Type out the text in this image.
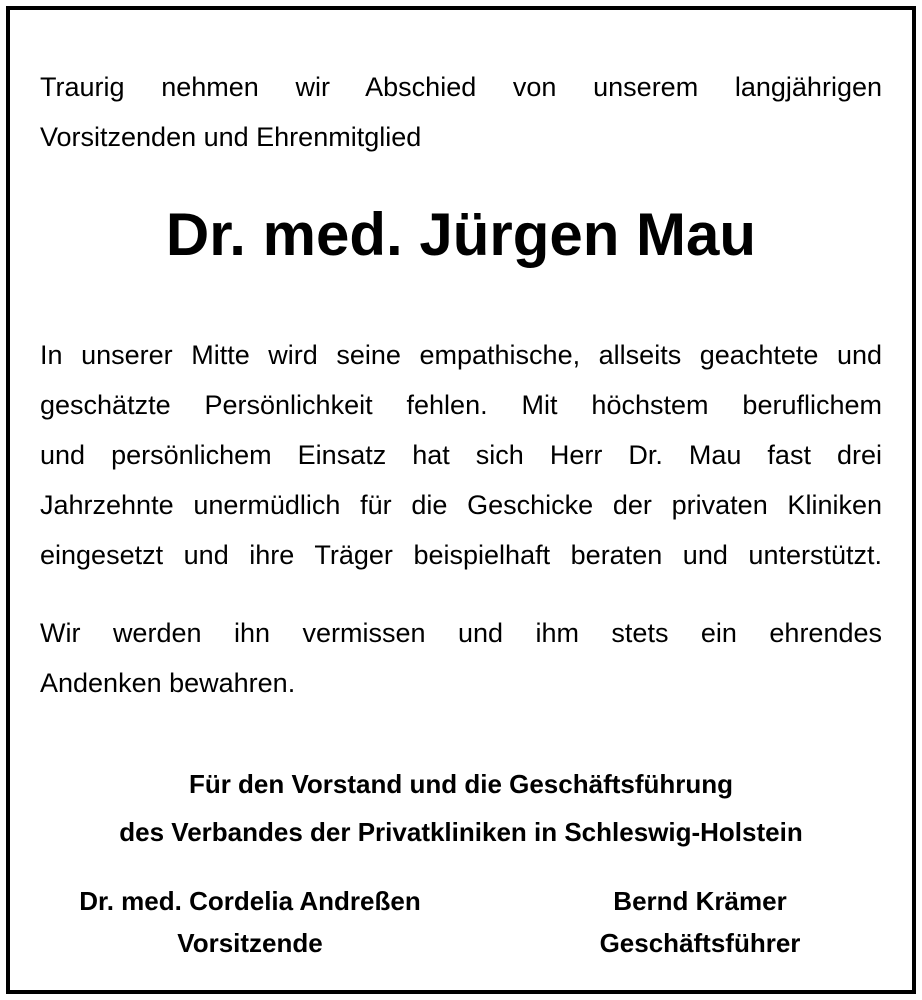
Traurig nehmen wir Abschied von unserem langjährigen
Vorsitzenden und Ehrenmitglied

Dr. med. Jürgen Mau

In unserer Mitte wird seine empathische, allseits geachtete und
geschätzte Persönlichkeit fehlen. Mit höchstem beruflichem
und persönlichem Einsatz hat sich Herr Dr. Mau fast drei
Jahrzehnte unermüdlich für die Geschicke der privaten Kliniken
eingesetzt und ihre Träger beispielhaft beraten und unterstützt.

Wir werden ihn vermissen und ihm stets ein ehrendes
Andenken bewahren.

Für den Vorstand und die Geschäftsführung
des Verbandes der Privatkliniken in Schleswig-Holstein

Dr. med. Cordelia Andreßen
Vorsitzende
Bernd Krämer
Geschäftsführer
